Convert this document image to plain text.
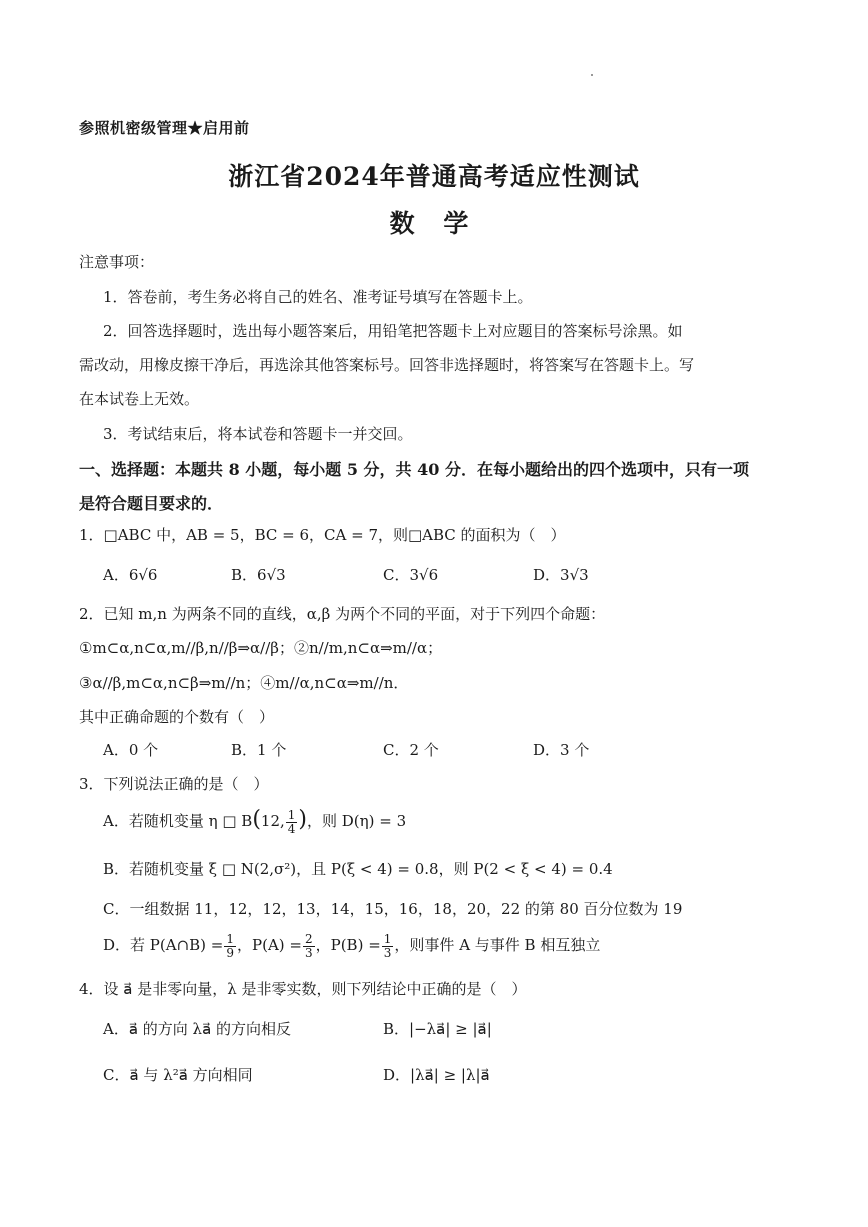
参照机密级管理★启用前
浙江省2024年普通高考适应性测试
数 学
注意事项：
1．答卷前，考生务必将自己的姓名、准考证号填写在答题卡上。
2．回答选择题时，选出每小题答案后，用铅笔把答题卡上对应题目的答案标号涂黑。如
需改动，用橡皮擦干净后，再选涂其他答案标号。回答非选择题时，将答案写在答题卡上。写
在本试卷上无效。
3．考试结束后，将本试卷和答题卡一并交回。
一、选择题：本题共 8 小题，每小题 5 分，共 40 分．在每小题给出的四个选项中，只有一项
是符合题目要求的．
1．□ABC 中，AB = 5，BC = 6，CA = 7，则□ABC 的面积为（　）
A．6√6	B．6√3	C．3√6	D．3√3
2．已知 m,n 为两条不同的直线，α,β 为两个不同的平面，对于下列四个命题：
①m⊂α,n⊂α,m//β,n//β⇒α//β；②n//m,n⊂α⇒m//α；
③α//β,m⊂α,n⊂β⇒m//n；④m//α,n⊂α⇒m//n．
其中正确命题的个数有（　）
A．0 个	B．1 个	C．2 个	D．3 个
3．下列说法正确的是（　）
A．若随机变量 η □ B(12, $\frac{1}{4}$ )，则 D(η) = 3
B．若随机变量 ξ □ N(2,σ²)，且 P(ξ < 4) = 0.8，则 P(2 < ξ < 4) = 0.4
C．一组数据 11，12，12，13，14，15，16，18，20，22 的第 80 百分位数为 19
D．若 P(A∩B) = $\frac{1}{9}$ ，$P(A) = \frac{2}{3}$ ，$P(B) = \frac{1}{3}$ ，则事件 A 与事件 B 相互独立
4．设 a⃗ 是非零向量，λ 是非零实数，则下列结论中正确的是（　）
A．a⃗ 的方向 λa⃗ 的方向相反	B．|−λa⃗| ≥ |a⃗|
C．a⃗ 与 λ²a⃗ 方向相同	D．|λa⃗| ≥ |λ|a⃗
